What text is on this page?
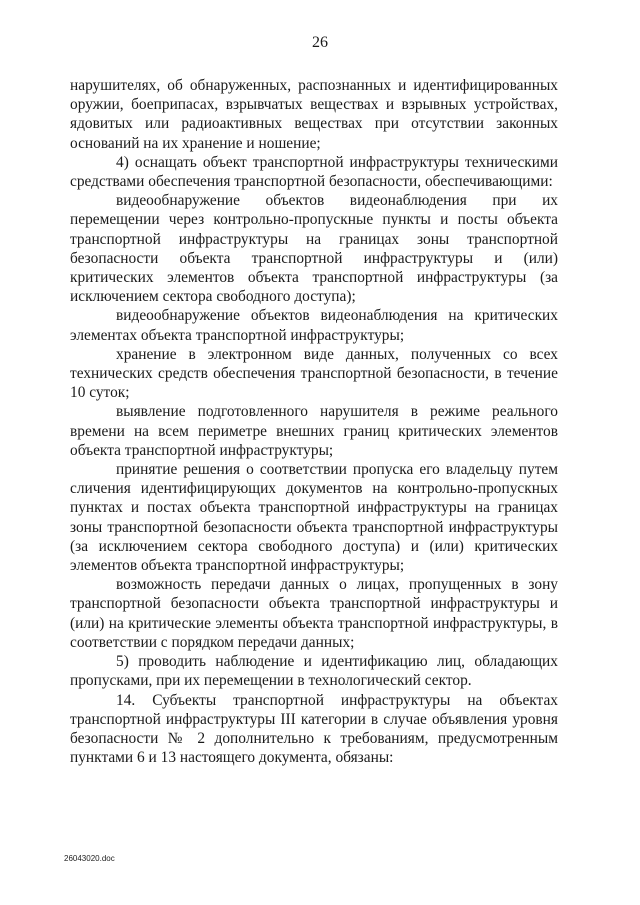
26

нарушителях, об обнаруженных, распознанных и идентифицированных оружии, боеприпасах, взрывчатых веществах и взрывных устройствах, ядовитых или радиоактивных веществах при отсутствии законных оснований на их хранение и ношение;

4) оснащать объект транспортной инфраструктуры техническими средствами обеспечения транспортной безопасности, обеспечивающими:

видеообнаружение объектов видеонаблюдения при их перемещении через контрольно-пропускные пункты и посты объекта транспортной инфраструктуры на границах зоны транспортной безопасности объекта транспортной инфраструктуры и (или) критических элементов объекта транспортной инфраструктуры (за исключением сектора свободного доступа);

видеообнаружение объектов видеонаблюдения на критических элементах объекта транспортной инфраструктуры;

хранение в электронном виде данных, полученных со всех технических средств обеспечения транспортной безопасности, в течение 10 суток;

выявление подготовленного нарушителя в режиме реального времени на всем периметре внешних границ критических элементов объекта транспортной инфраструктуры;

принятие решения о соответствии пропуска его владельцу путем сличения идентифицирующих документов на контрольно-пропускных пунктах и постах объекта транспортной инфраструктуры на границах зоны транспортной безопасности объекта транспортной инфраструктуры (за исключением сектора свободного доступа) и (или) критических элементов объекта транспортной инфраструктуры;

возможность передачи данных о лицах, пропущенных в зону транспортной безопасности объекта транспортной инфраструктуры и (или) на критические элементы объекта транспортной инфраструктуры, в соответствии с порядком передачи данных;

5) проводить наблюдение и идентификацию лиц, обладающих пропусками, при их перемещении в технологический сектор.

14. Субъекты транспортной инфраструктуры на объектах транспортной инфраструктуры III категории в случае объявления уровня безопасности № 2 дополнительно к требованиям, предусмотренным пунктами 6 и 13 настоящего документа, обязаны:

26043020.doc
